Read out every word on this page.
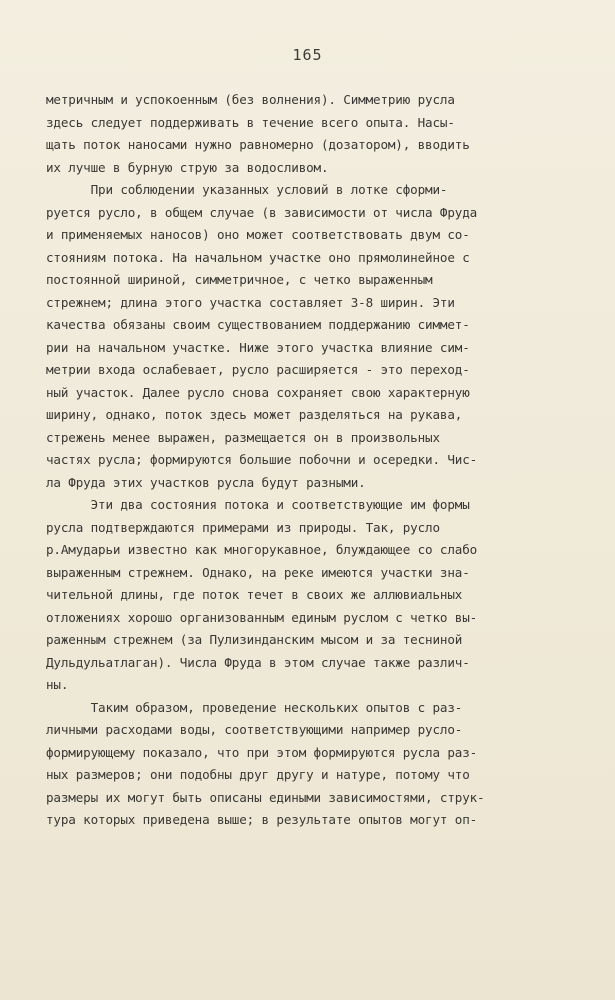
165
метричным и успокоенным (без волнения). Симметрию русла
здесь следует поддерживать в течение всего опыта. Насы-
щать поток наносами нужно равномерно (дозатором), вводить
их лучше в бурную струю за водосливом.
При соблюдении указанных условий в лотке сформи-
руется русло, в общем случае (в зависимости от числа Фруда
и применяемых наносов) оно может соответствовать двум со-
стояниям потока. На начальном участке оно прямолинейное с
постоянной шириной, симметричное, с четко выраженным
стрежнем; длина этого участка составляет 3-8 ширин. Эти
качества обязаны своим существованием поддержанию симмет-
рии на начальном участке. Ниже этого участка влияние сим-
метрии входа ослабевает, русло расширяется - это переход-
ный участок. Далее русло снова сохраняет свою характерную
ширину, однако, поток здесь может разделяться на рукава,
стрежень менее выражен, размещается он в произвольных
частях русла; формируются большие побочни и осередки. Чис-
ла Фруда этих участков русла будут разными.
Эти два состояния потока и соответствующие им формы
русла подтверждаются примерами из природы. Так, русло
р.Амударьи известно как многорукавное, блуждающее со слабо
выраженным стрежнем. Однако, на реке имеются участки зна-
чительной длины, где поток течет в своих же аллювиальных
отложениях хорошо организованным единым руслом с четко вы-
раженным стрежнем (за Пулизинданским мысом и за тесниной
Дульдульатлаган). Числа Фруда в этом случае также различ-
ны.
Таким образом, проведение нескольких опытов с раз-
личными расходами воды, соответствующими например русло-
формирующему показало, что при этом формируются русла раз-
ных размеров; они подобны друг другу и натуре, потому что
размеры их могут быть описаны едиными зависимостями, струк-
тура которых приведена выше; в результате опытов могут оп-
